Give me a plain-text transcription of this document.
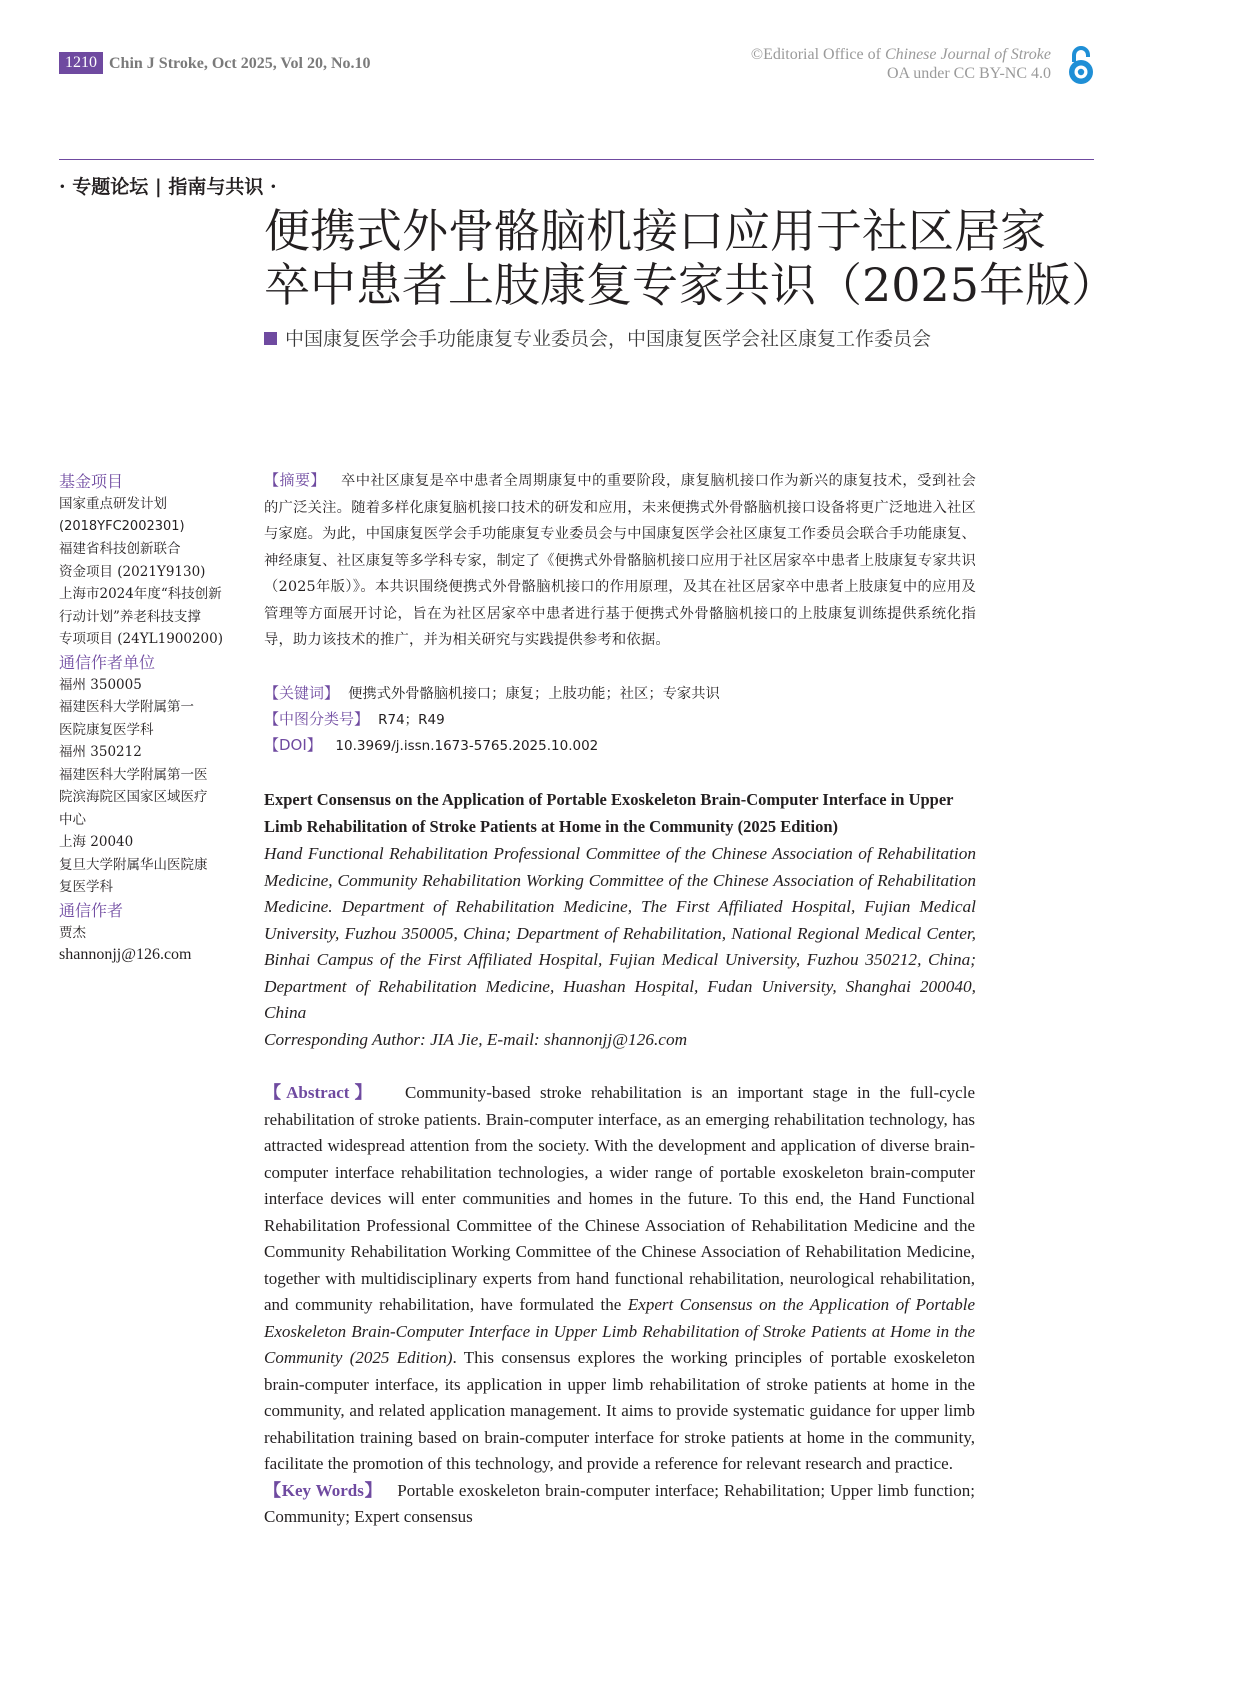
1210 Chin J Stroke, Oct 2025, Vol 20, No.10
©Editorial Office of Chinese Journal of Stroke
OA under CC BY-NC 4.0
· 专题论坛 | 指南与共识 ·
便携式外骨骼脑机接口应用于社区居家
卒中患者上肢康复专家共识（2025年版）
中国康复医学会手功能康复专业委员会，中国康复医学会社区康复工作委员会
基金项目
国家重点研发计划
(2018YFC2002301)
福建省科技创新联合
资金项目 (2021Y9130)
上海市2024年度“科技创新
行动计划”养老科技支撑
专项项目 (24YL1900200)
通信作者单位
福州 350005
福建医科大学附属第一
医院康复医学科
福州 350212
福建医科大学附属第一医
院滨海院区国家区域医疗
中心
上海 20040
复旦大学附属华山医院康
复医学科
通信作者
贾杰
shannonjj@126.com
【摘要】 卒中社区康复是卒中患者全周期康复中的重要阶段，康复脑机接口作为新兴的康复技术，受到社会的广泛关注。随着多样化康复脑机接口技术的研发和应用，未来便携式外骨骼脑机接口设备将更广泛地进入社区与家庭。为此，中国康复医学会手功能康复专业委员会与中国康复医学会社区康复工作委员会联合手功能康复、神经康复、社区康复等多学科专家，制定了《便携式外骨骼脑机接口应用于社区居家卒中患者上肢康复专家共识（2025年版）》。本共识围绕便携式外骨骼脑机接口的作用原理，及其在社区居家卒中患者上肢康复中的应用及管理等方面展开讨论，旨在为社区居家卒中患者进行基于便携式外骨骼脑机接口的上肢康复训练提供系统化指导，助力该技术的推广，并为相关研究与实践提供参考和依据。
【关键词】 便携式外骨骼脑机接口；康复；上肢功能；社区；专家共识
【中图分类号】 R74；R49
【DOI】 10.3969/j.issn.1673-5765.2025.10.002
Expert Consensus on the Application of Portable Exoskeleton Brain-Computer Interface in Upper Limb Rehabilitation of Stroke Patients at Home in the Community (2025 Edition)
Hand Functional Rehabilitation Professional Committee of the Chinese Association of Rehabilitation Medicine, Community Rehabilitation Working Committee of the Chinese Association of Rehabilitation Medicine. Department of Rehabilitation Medicine, The First Affiliated Hospital, Fujian Medical University, Fuzhou 350005, China; Department of Rehabilitation, National Regional Medical Center, Binhai Campus of the First Affiliated Hospital, Fujian Medical University, Fuzhou 350212, China; Department of Rehabilitation Medicine, Huashan Hospital, Fudan University, Shanghai 200040, China
Corresponding Author: JIA Jie, E-mail: shannonjj@126.com
【Abstract】 Community-based stroke rehabilitation is an important stage in the full-cycle rehabilitation of stroke patients. Brain-computer interface, as an emerging rehabilitation technology, has attracted widespread attention from the society. With the development and application of diverse brain-computer interface rehabilitation technologies, a wider range of portable exoskeleton brain-computer interface devices will enter communities and homes in the future. To this end, the Hand Functional Rehabilitation Professional Committee of the Chinese Association of Rehabilitation Medicine and the Community Rehabilitation Working Committee of the Chinese Association of Rehabilitation Medicine, together with multidisciplinary experts from hand functional rehabilitation, neurological rehabilitation, and community rehabilitation, have formulated the Expert Consensus on the Application of Portable Exoskeleton Brain-Computer Interface in Upper Limb Rehabilitation of Stroke Patients at Home in the Community (2025 Edition). This consensus explores the working principles of portable exoskeleton brain-computer interface, its application in upper limb rehabilitation of stroke patients at home in the community, and related application management. It aims to provide systematic guidance for upper limb rehabilitation training based on brain-computer interface for stroke patients at home in the community, facilitate the promotion of this technology, and provide a reference for relevant research and practice.
【Key Words】 Portable exoskeleton brain-computer interface; Rehabilitation; Upper limb function; Community; Expert consensus
